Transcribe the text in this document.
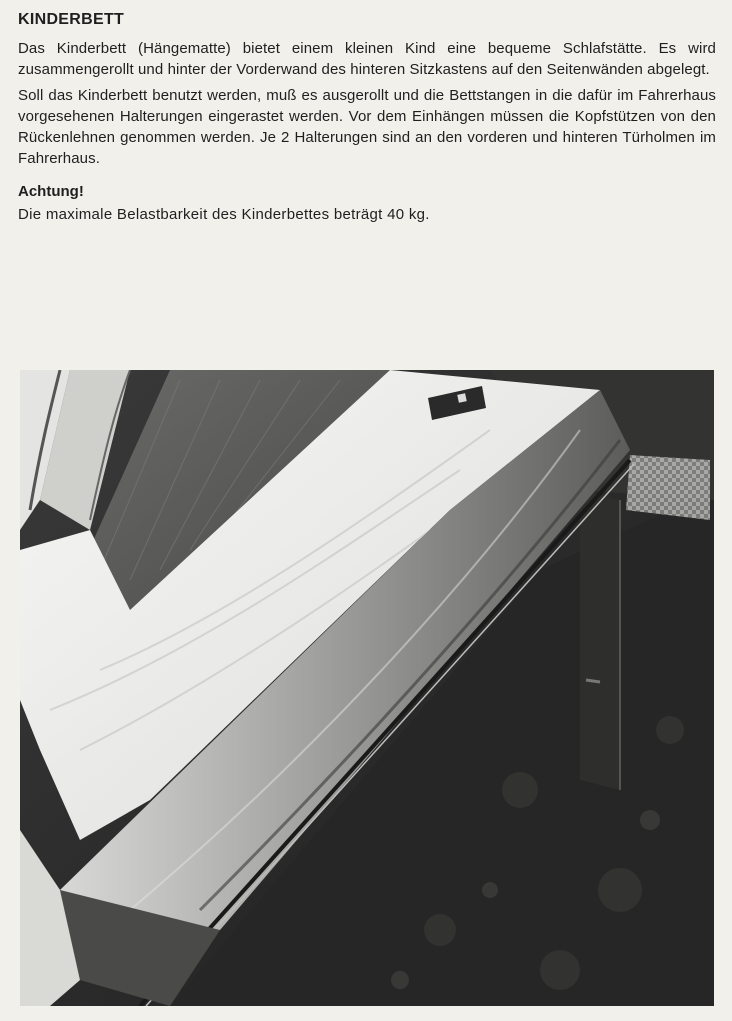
KINDERBETT

Das Kinderbett (Hängematte) bietet einem kleinen Kind eine bequeme Schlafstätte. Es wird zusammengerollt und hinter der Vorderwand des hinteren Sitzkastens auf den Seitenwänden abgelegt.

Soll das Kinderbett benutzt werden, muß es ausgerollt und die Bettstangen in die dafür im Fahrerhaus vorgesehenen Halterungen eingerastet werden. Vor dem Einhängen müssen die Kopfstützen von den Rückenlehnen genommen werden. Je 2 Halterungen sind an den vorderen und hinteren Türholmen im Fahrerhaus.

Achtung!

Die maximale Belastbarkeit des Kinderbettes beträgt 40 kg.
